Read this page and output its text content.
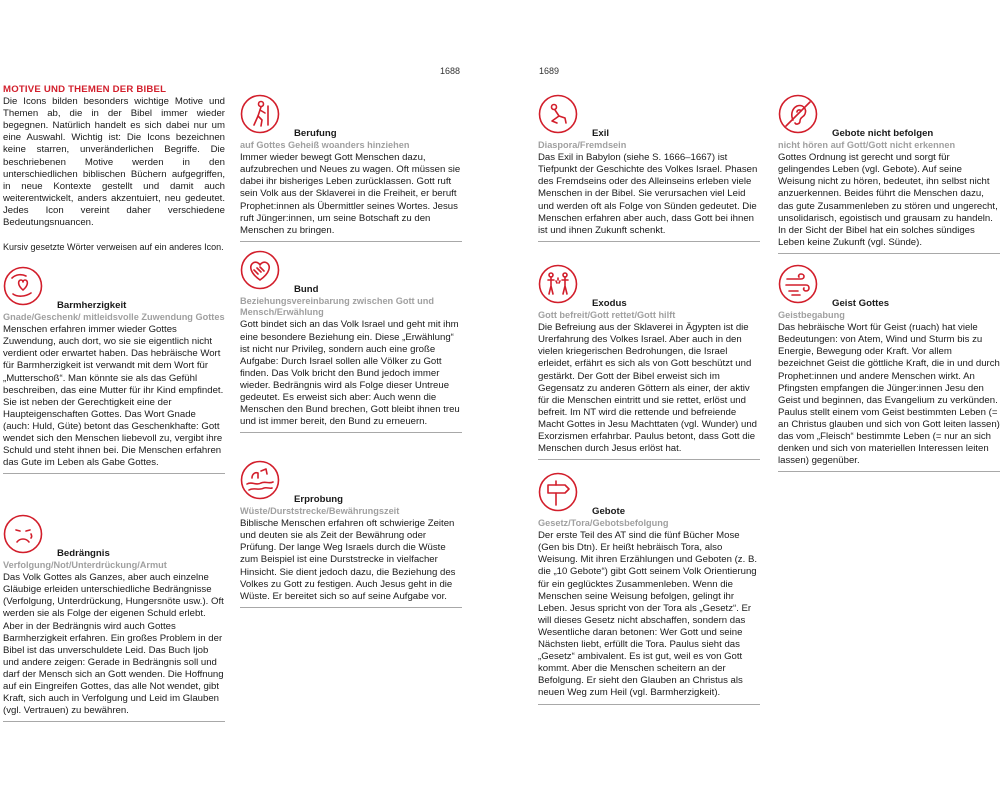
1688	1689
MOTIVE UND THEMEN DER BIBEL
Die Icons bilden besonders wichtige Motive und Themen ab, die in der Bibel immer wieder begegnen. Natürlich handelt es sich dabei nur um eine Auswahl. Wichtig ist: Die Icons bezeichnen keine starren, unveränderlichen Begriffe. Die beschriebenen Motive werden in den unterschiedlichen biblischen Büchern aufgegriffen, in neue Kontexte gestellt und damit auch weiterentwickelt, anders akzentuiert, neu gedeutet. Jedes Icon vereint daher verschiedene Bedeutungsnuancen.
Kursiv gesetzte Wörter verweisen auf ein anderes Icon.
Barmherzigkeit
Gnade/Geschenk/ mitleidsvolle Zuwendung Gottes
Menschen erfahren immer wieder Gottes Zuwendung, auch dort, wo sie sie eigentlich nicht verdient oder erwartet haben. Das hebräische Wort für Barmherzigkeit ist verwandt mit dem Wort für „Mutterschoß“. Man könnte sie als das Gefühl beschreiben, das eine Mutter für ihr Kind empfindet. Sie ist neben der Gerechtigkeit eine der Haupteigenschaften Gottes. Das Wort Gnade (auch: Huld, Güte) betont das Geschenkhafte: Gott wendet sich den Menschen liebevoll zu, vergibt ihre Schuld und steht ihnen bei. Die Menschen erfahren das Gute im Leben als Gabe Gottes.
Bedrängnis
Verfolgung/Not/Unterdrückung/Armut
Das Volk Gottes als Ganzes, aber auch einzelne Gläubige erleiden unterschiedliche Bedrängnisse (Verfolgung, Unterdrückung, Hungersnöte usw.). Oft werden sie als Folge der eigenen Schuld erlebt. Aber in der Bedrängnis wird auch Gottes Barmherzigkeit erfahren. Ein großes Problem in der Bibel ist das unverschuldete Leid. Das Buch Ijob und andere zeigen: Gerade in Bedrängnis soll und darf der Mensch sich an Gott wenden. Die Hoffnung auf ein Eingreifen Gottes, das alle Not wendet, gibt Kraft, sich auch in Verfolgung und Leid im Glauben (vgl. Vertrauen) zu bewähren.
Berufung
auf Gottes Geheiß woanders hinziehen
Immer wieder bewegt Gott Menschen dazu, aufzubrechen und Neues zu wagen. Oft müssen sie dabei ihr bisheriges Leben zurücklassen. Gott ruft sein Volk aus der Sklaverei in die Freiheit, er beruft Prophet:innen als Übermittler seines Wortes. Jesus ruft Jünger:innen, um seine Botschaft zu den Menschen zu bringen.
Bund
Beziehungsvereinbarung zwischen Gott und Mensch/Erwählung
Gott bindet sich an das Volk Israel und geht mit ihm eine besondere Beziehung ein. Diese „Erwählung“ ist nicht nur Privileg, sondern auch eine große Aufgabe: Durch Israel sollen alle Völker zu Gott finden. Das Volk bricht den Bund jedoch immer wieder. Bedrängnis wird als Folge dieser Untreue gedeutet. Es erweist sich aber: Auch wenn die Menschen den Bund brechen, Gott bleibt ihnen treu und ist immer bereit, den Bund zu erneuern.
Erprobung
Wüste/Durststrecke/Bewährungszeit
Biblische Menschen erfahren oft schwierige Zeiten und deuten sie als Zeit der Bewährung oder Prüfung. Der lange Weg Israels durch die Wüste zum Beispiel ist eine Durststrecke in vielfacher Hinsicht. Sie dient jedoch dazu, die Beziehung des Volkes zu Gott zu festigen. Auch Jesus geht in die Wüste. Er bereitet sich so auf seine Aufgabe vor.
Exil
Diaspora/Fremdsein
Das Exil in Babylon (siehe S. 1666–1667) ist Tiefpunkt der Geschichte des Volkes Israel. Phasen des Fremdseins oder des Alleinseins erleben viele Menschen in der Bibel. Sie verursachen viel Leid und werden oft als Folge von Sünden gedeutet. Die Menschen erfahren aber auch, dass Gott bei ihnen ist und ihnen Zukunft schenkt.
Exodus
Gott befreit/Gott rettet/Gott hilft
Die Befreiung aus der Sklaverei in Ägypten ist die Urerfahrung des Volkes Israel. Aber auch in den vielen kriegerischen Bedrohungen, die Israel erleidet, erfährt es sich als von Gott beschützt und gestärkt. Der Gott der Bibel erweist sich im Gegensatz zu anderen Göttern als einer, der aktiv für die Menschen eintritt und sie rettet, erlöst und befreit. Im NT wird die rettende und befreiende Macht Gottes in Jesu Machttaten (vgl. Wunder) und Exorzismen erfahrbar. Paulus betont, dass Gott die Menschen durch Jesus erlöst hat.
Gebote
Gesetz/Tora/Gebotsbefolgung
Der erste Teil des AT sind die fünf Bücher Mose (Gen bis Dtn). Er heißt hebräisch Tora, also Weisung. Mit ihren Erzählungen und Geboten (z. B. die „10 Gebote“) gibt Gott seinem Volk Orientierung für ein geglücktes Zusammenleben. Wenn die Menschen seine Weisung befolgen, gelingt ihr Leben. Jesus spricht von der Tora als „Gesetz“. Er will dieses Gesetz nicht abschaffen, sondern das Wesentliche daran betonen: Wer Gott und seine Nächsten liebt, erfüllt die Tora. Paulus sieht das „Gesetz“ ambivalent. Es ist gut, weil es von Gott kommt. Aber die Menschen scheitern an der Befolgung. Er sieht den Glauben an Christus als neuen Weg zum Heil (vgl. Barmherzigkeit).
Gebote nicht befolgen
nicht hören auf Gott/Gott nicht erkennen
Gottes Ordnung ist gerecht und sorgt für gelingendes Leben (vgl. Gebote). Auf seine Weisung nicht zu hören, bedeutet, ihn selbst nicht anzuerkennen. Beides führt die Menschen dazu, das gute Zusammenleben zu stören und ungerecht, unsolidarisch, egoistisch und grausam zu handeln. In der Sicht der Bibel hat ein solches sündiges Leben keine Zukunft (vgl. Sünde).
Geist Gottes
Geistbegabung
Das hebräische Wort für Geist (ruach) hat viele Bedeutungen: von Atem, Wind und Sturm bis zu Energie, Bewegung oder Kraft. Vor allem bezeichnet Geist die göttliche Kraft, die in und durch Prophet:innen und andere Menschen wirkt. An Pfingsten empfangen die Jünger:innen Jesu den Geist und beginnen, das Evangelium zu verkünden. Paulus stellt einem vom Geist bestimmten Leben (= an Christus glauben und sich von Gott leiten lassen) das vom „Fleisch“ bestimmte Leben (= nur an sich denken und sich von materiellen Interessen leiten lassen) gegenüber.
